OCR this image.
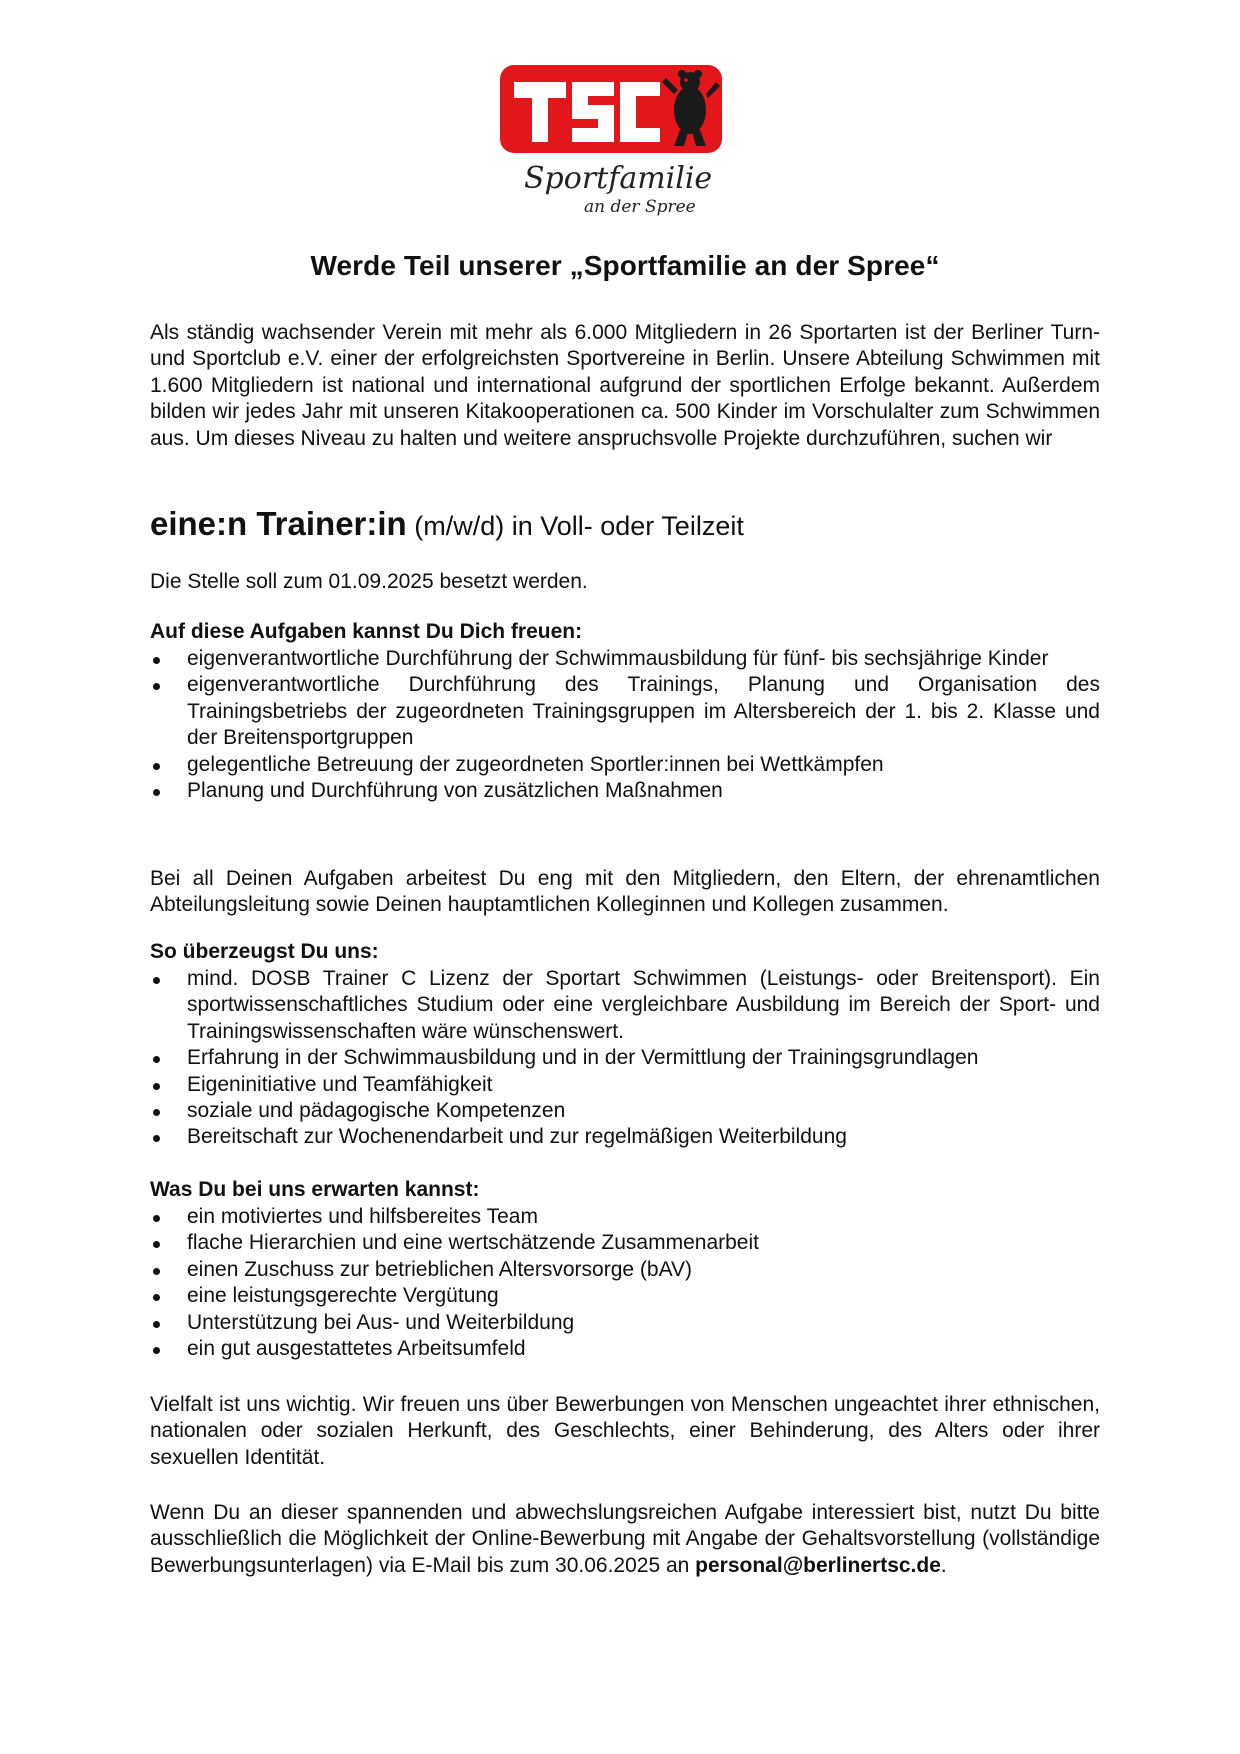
Sportfamilie
an der Spree
Werde Teil unserer „Sportfamilie an der Spree“
Als ständig wachsender Verein mit mehr als 6.000 Mitgliedern in 26 Sportarten ist der Berliner Turn- und Sportclub e.V. einer der erfolgreichsten Sportvereine in Berlin. Unsere Abteilung Schwimmen mit 1.600 Mitgliedern ist national und international aufgrund der sportlichen Erfolge bekannt. Außerdem bilden wir jedes Jahr mit unseren Kitakooperationen ca. 500 Kinder im Vorschulalter zum Schwimmen aus. Um dieses Niveau zu halten und weitere anspruchsvolle Projekte durchzuführen, suchen wir
eine:n Trainer:in (m/w/d) in Voll- oder Teilzeit
Die Stelle soll zum 01.09.2025 besetzt werden.
Auf diese Aufgaben kannst Du Dich freuen:
eigenverantwortliche Durchführung der Schwimmausbildung für fünf- bis sechsjährige Kinder
eigenverantwortliche Durchführung des Trainings, Planung und Organisation des Trainingsbetriebs der zugeordneten Trainingsgruppen im Altersbereich der 1. bis 2. Klasse und der Breitensportgruppen
gelegentliche Betreuung der zugeordneten Sportler:innen bei Wettkämpfen
Planung und Durchführung von zusätzlichen Maßnahmen
Bei all Deinen Aufgaben arbeitest Du eng mit den Mitgliedern, den Eltern, der ehrenamtlichen Abteilungsleitung sowie Deinen hauptamtlichen Kolleginnen und Kollegen zusammen.
So überzeugst Du uns:
mind. DOSB Trainer C Lizenz der Sportart Schwimmen (Leistungs- oder Breitensport). Ein sportwissenschaftliches Studium oder eine vergleichbare Ausbildung im Bereich der Sport- und Trainingswissenschaften wäre wünschenswert.
Erfahrung in der Schwimmausbildung und in der Vermittlung der Trainingsgrundlagen
Eigeninitiative und Teamfähigkeit
soziale und pädagogische Kompetenzen
Bereitschaft zur Wochenendarbeit und zur regelmäßigen Weiterbildung
Was Du bei uns erwarten kannst:
ein motiviertes und hilfsbereites Team
flache Hierarchien und eine wertschätzende Zusammenarbeit
einen Zuschuss zur betrieblichen Altersvorsorge (bAV)
eine leistungsgerechte Vergütung
Unterstützung bei Aus- und Weiterbildung
ein gut ausgestattetes Arbeitsumfeld
Vielfalt ist uns wichtig. Wir freuen uns über Bewerbungen von Menschen ungeachtet ihrer ethnischen, nationalen oder sozialen Herkunft, des Geschlechts, einer Behinderung, des Alters oder ihrer sexuellen Identität.
Wenn Du an dieser spannenden und abwechslungsreichen Aufgabe interessiert bist, nutzt Du bitte ausschließlich die Möglichkeit der Online-Bewerbung mit Angabe der Gehaltsvorstellung (vollständige Bewerbungsunterlagen) via E-Mail bis zum 30.06.2025 an personal@berlinertsc.de.
